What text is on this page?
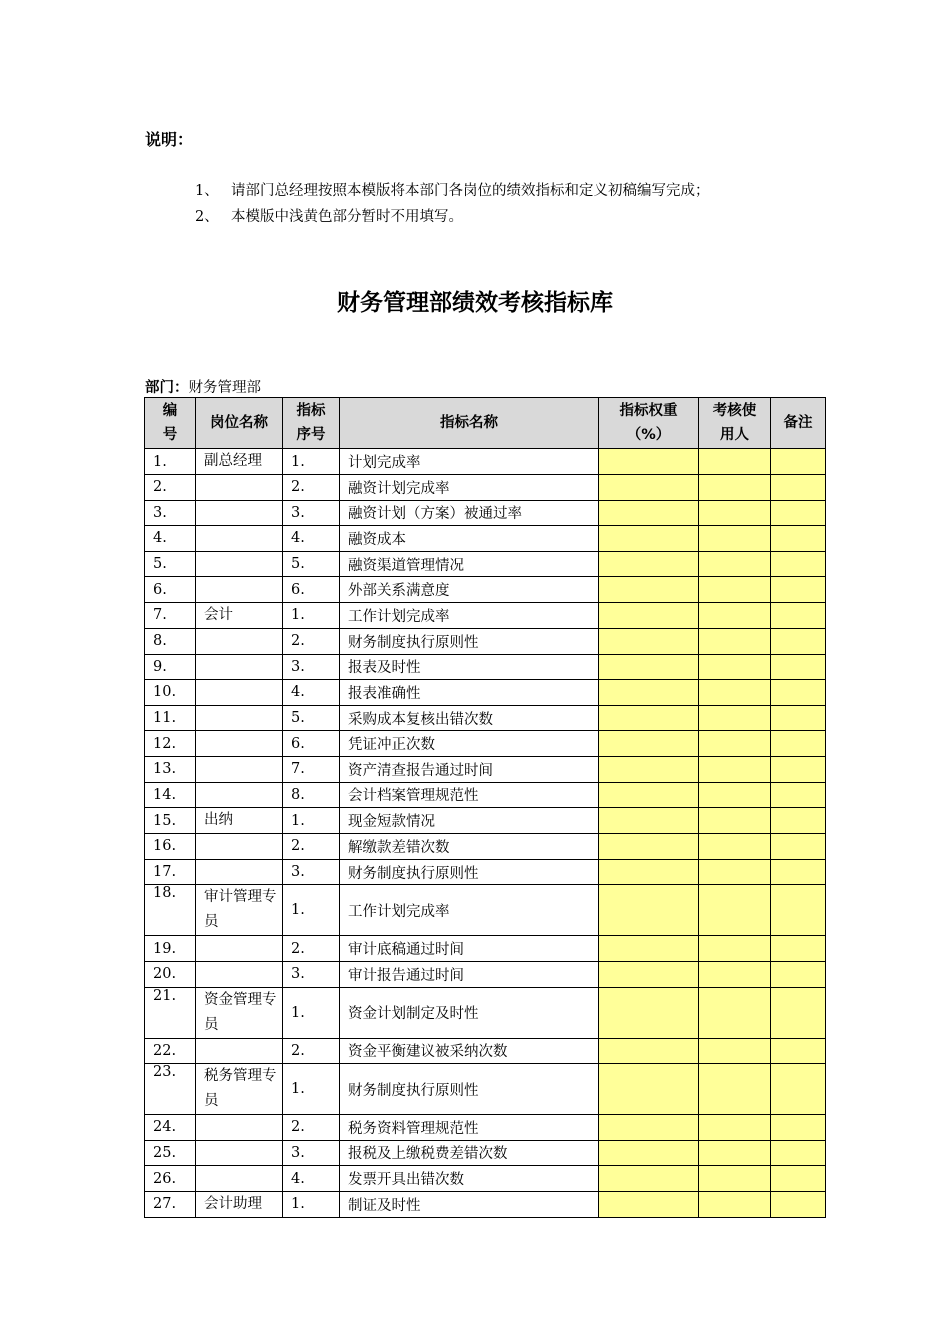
说明：
1、 请部门总经理按照本模版将本部门各岗位的绩效指标和定义初稿编写完成；
2、 本模版中浅黄色部分暂时不用填写。
财务管理部绩效考核指标库
部门：财务管理部
编号	岗位名称	指标序号	指标名称	指标权重（%）	考核使用人	备注
1.	副总经理	1.	计划完成率			
2.		2.	融资计划完成率			
3.		3.	融资计划（方案）被通过率			
4.		4.	融资成本			
5.		5.	融资渠道管理情况			
6.		6.	外部关系满意度			
7.	会计	1.	工作计划完成率			
8.		2.	财务制度执行原则性			
9.		3.	报表及时性			
10.		4.	报表准确性			
11.		5.	采购成本复核出错次数			
12.		6.	凭证冲正次数			
13.		7.	资产清查报告通过时间			
14.		8.	会计档案管理规范性			
15.	出纳	1.	现金短款情况			
16.		2.	解缴款差错次数			
17.		3.	财务制度执行原则性			
18.	审计管理专员	1.	工作计划完成率			
19.		2.	审计底稿通过时间			
20.		3.	审计报告通过时间			
21.	资金管理专员	1.	资金计划制定及时性			
22.		2.	资金平衡建议被采纳次数			
23.	税务管理专员	1.	财务制度执行原则性			
24.		2.	税务资料管理规范性			
25.		3.	报税及上缴税费差错次数			
26.		4.	发票开具出错次数			
27.	会计助理	1.	制证及时性			
